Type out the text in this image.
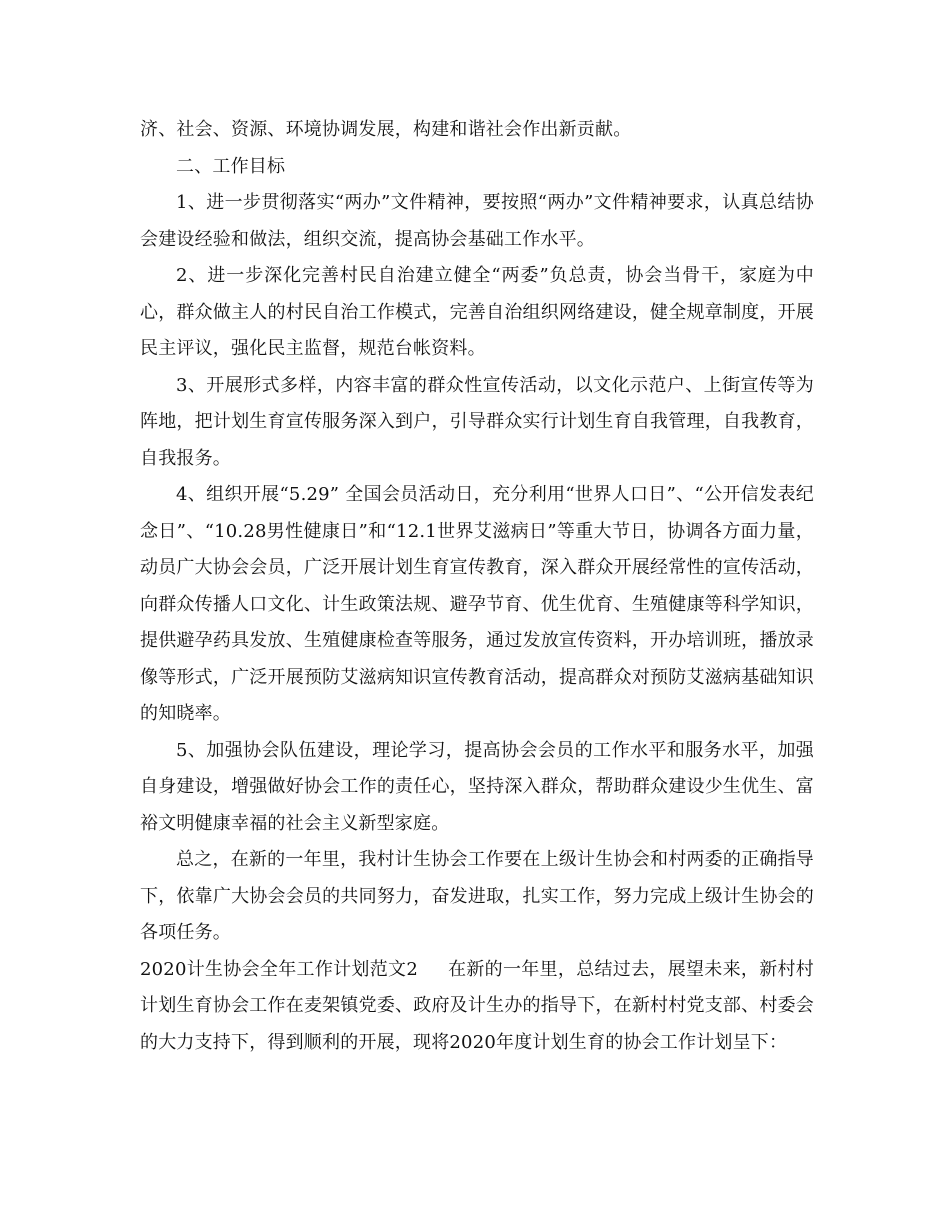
济、社会、资源、环境协调发展，构建和谐社会作出新贡献。

二、工作目标

1、进一步贯彻落实“两办”文件精神，要按照“两办”文件精神要求，认真总结协会建设经验和做法，组织交流，提高协会基础工作水平。

2、进一步深化完善村民自治建立健全“两委”负总责，协会当骨干，家庭为中心，群众做主人的村民自治工作模式，完善自治组织网络建设，健全规章制度，开展民主评议，强化民主监督，规范台帐资料。

3、开展形式多样，内容丰富的群众性宣传活动，以文化示范户、上街宣传等为阵地，把计划生育宣传服务深入到户，引导群众实行计划生育自我管理，自我教育，自我报务。

4、组织开展“5.29” 全国会员活动日，充分利用“世界人口日”、“公开信发表纪念日”、“10.28男性健康日”和“12.1世界艾滋病日”等重大节日，协调各方面力量，动员广大协会会员，广泛开展计划生育宣传教育，深入群众开展经常性的宣传活动，向群众传播人口文化、计生政策法规、避孕节育、优生优育、生殖健康等科学知识，提供避孕药具发放、生殖健康检查等服务，通过发放宣传资料，开办培训班，播放录像等形式，广泛开展预防艾滋病知识宣传教育活动，提高群众对预防艾滋病基础知识的知晓率。

5、加强协会队伍建设，理论学习，提高协会会员的工作水平和服务水平，加强自身建设，增强做好协会工作的责任心，坚持深入群众，帮助群众建设少生优生、富裕文明健康幸福的社会主义新型家庭。

总之，在新的一年里，我村计生协会工作要在上级计生协会和村两委的正确指导下，依靠广大协会会员的共同努力，奋发进取，扎实工作，努力完成上级计生协会的各项任务。

2020计生协会全年工作计划范文2 在新的一年里，总结过去，展望未来，新村村计划生育协会工作在麦架镇党委、政府及计生办的指导下，在新村村党支部、村委会的大力支持下，得到顺利的开展，现将2020年度计划生育的协会工作计划呈下：
